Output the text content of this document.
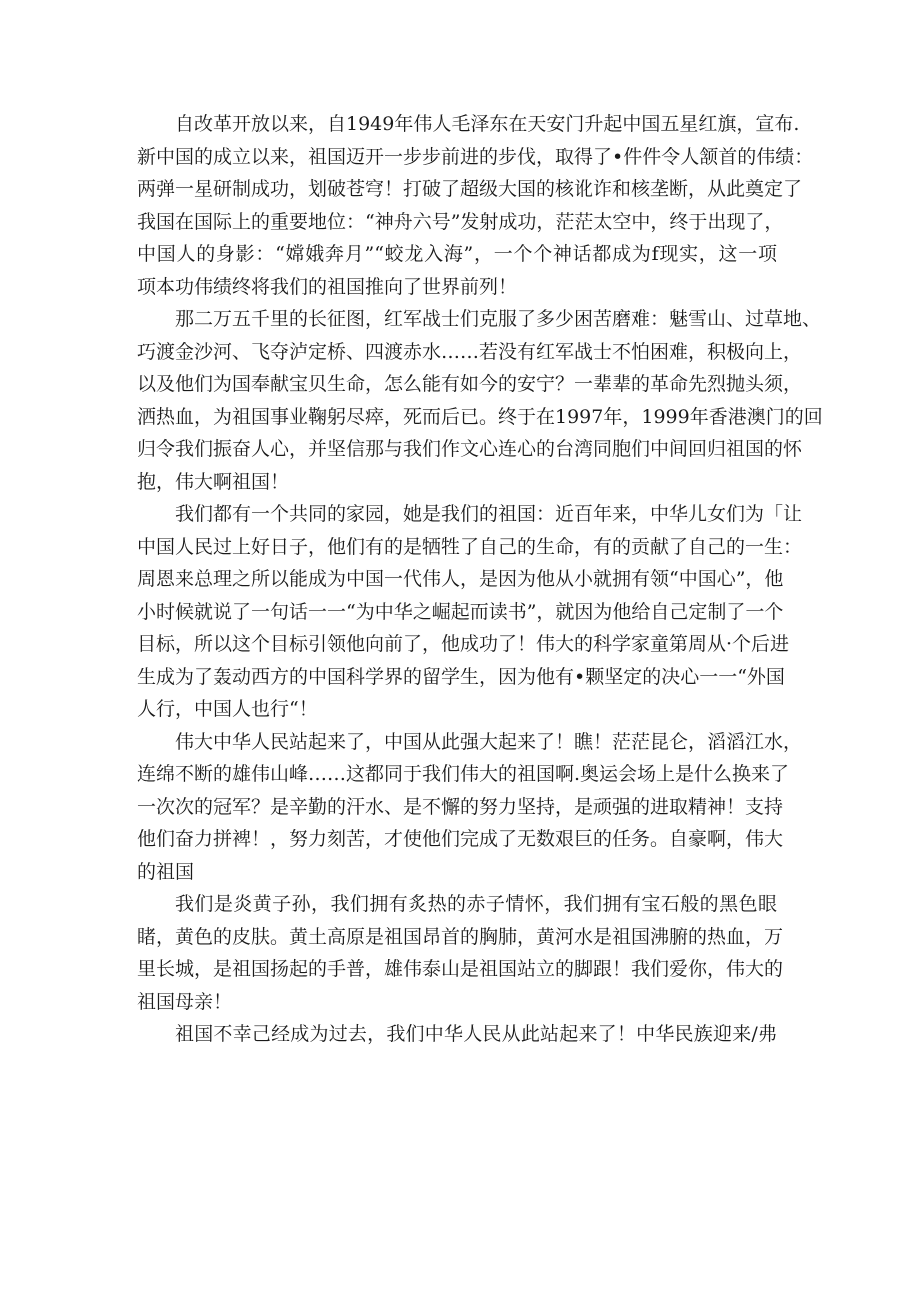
自改革开放以来，自1949年伟人毛泽东在天安门升起中国五星红旗，宣布.
新中国的成立以来，祖国迈开一步步前进的步伐，取得了•件件令人颔首的伟绩：
两弹一星研制成功，划破苍穹！打破了超级大国的核讹诈和核垄断，从此奠定了
我国在国际上的重要地位：“神舟六号”发射成功，茫茫太空中，终于出现了，
中国人的身影：“嫦娥奔月”“蛟龙入海”，一个个神话都成为f现实，这一项
项本功伟绩终将我们的祖国推向了世界前列！
那二万五千里的长征图，红军战士们克服了多少困苦磨难：魅雪山、过草地、
巧渡金沙河、飞夺泸定桥、四渡赤水……若没有红军战士不怕困难，积极向上，
以及他们为国奉献宝贝生命，怎么能有如今的安宁？一辈辈的革命先烈抛头须，
洒热血，为祖国事业鞠躬尽瘁，死而后已。终于在1997年，1999年香港澳门的回
归令我们振奋人心，并坚信那与我们作文心连心的台湾同胞们中间回归祖国的怀
抱，伟大啊祖国！
我们都有一个共同的家园，她是我们的祖国：近百年来，中华儿女们为「让
中国人民过上好日子，他们有的是牺牲了自己的生命，有的贡献了自己的一生：
周恩来总理之所以能成为中国一代伟人，是因为他从小就拥有领“中国心”，他
小时候就说了一句话一一“为中华之崛起而读书”，就因为他给自己定制了一个
目标，所以这个目标引领他向前了，他成功了！伟大的科学家童第周从·个后进
生成为了轰动西方的中国科学界的留学生，因为他有•颗坚定的决心一一“外国
人行，中国人也行“！
伟大中华人民站起来了，中国从此强大起来了！瞧！茫茫昆仑，滔滔江水，
连绵不断的雄伟山峰……这都同于我们伟大的祖国啊.奥运会场上是什么换来了
一次次的冠军？是辛勤的汗水、是不懈的努力坚持，是顽强的进取精神！支持
他们奋力拼裨！，努力刻苦，才使他们完成了无数艰巨的任务。自豪啊，伟大
的祖国
我们是炎黄子孙，我们拥有炙热的赤子情怀，我们拥有宝石般的黑色眼
睹，黄色的皮肤。黄土高原是祖国昂首的胸肺，黄河水是祖国沸腑的热血，万
里长城，是祖国扬起的手普，雄伟泰山是祖国站立的脚跟！我们爱你，伟大的
祖国母亲！
祖国不幸己经成为过去，我们中华人民从此站起来了！中华民族迎来/弗
